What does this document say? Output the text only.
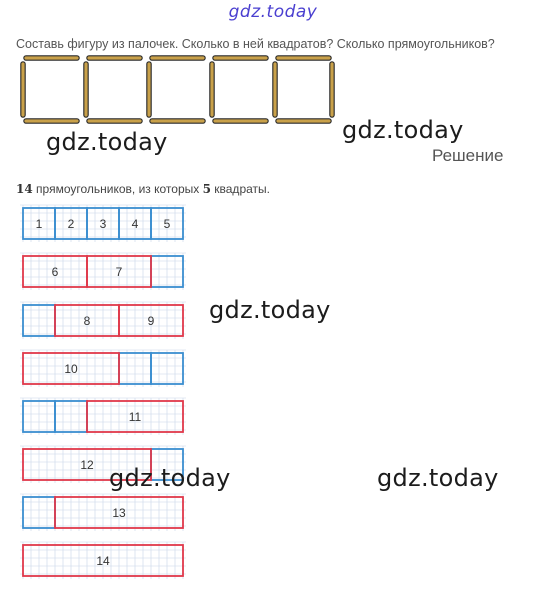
gdz.today
Составь фигуру из палочек. Сколько в ней квадратов? Сколько прямоугольников?
gdz.today	gdz.today
Решение
14 прямоугольников, из которых 5 квадраты.
1 2 3 4 5
6	7
8	9
10
11
12
13
14
gdz.today
gdz.today	gdz.today
